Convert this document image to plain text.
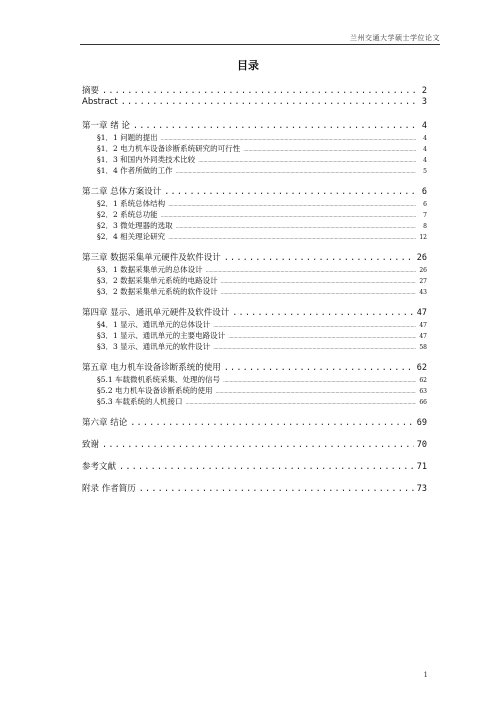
兰州交通大学硕士学位论文
目录
摘要 .....	2
Abstract .....	3
第一章 绪 论 .....	4
§1．1 问题的提出 .....	4
§1．2 电力机车设备诊断系统研究的可行性 .....	4
§1．3 和国内外同类技术比较 .....	4
§1．4 作者所做的工作 .....	5
第二章 总体方案设计 .....	6
§2．1 系统总体结构 .....	6
§2．2 系统总功能 .....	7
§2．3 微处理器的选取 .....	8
§2．4 相关理论研究 .....	12
第三章 数据采集单元硬件及软件设计 .....	26
§3．1 数据采集单元的总体设计 .....	26
§3．2 数据采集单元系统的电路设计 .....	27
§3．2 数据采集单元系统的软件设计 .....	43
第四章 显示、通讯单元硬件及软件设计 .....	47
§4．1 显示、通讯单元的总体设计 .....	47
§3．1 显示、通讯单元的主要电路设计 .....	47
§3．3 显示、通讯单元的软件设计 .....	58
第五章 电力机车设备诊断系统的使用 .....	62
§5.1 车载微机系统采集、处理的信号 .....	62
§5.2 电力机车设备诊断系统的使用 .....	63
§5.3 车载系统的人机接口 .....	66
第六章 结论 .....	69
致谢 .....	70
参考文献 .....	71
附录 作者简历 .....	73
1
